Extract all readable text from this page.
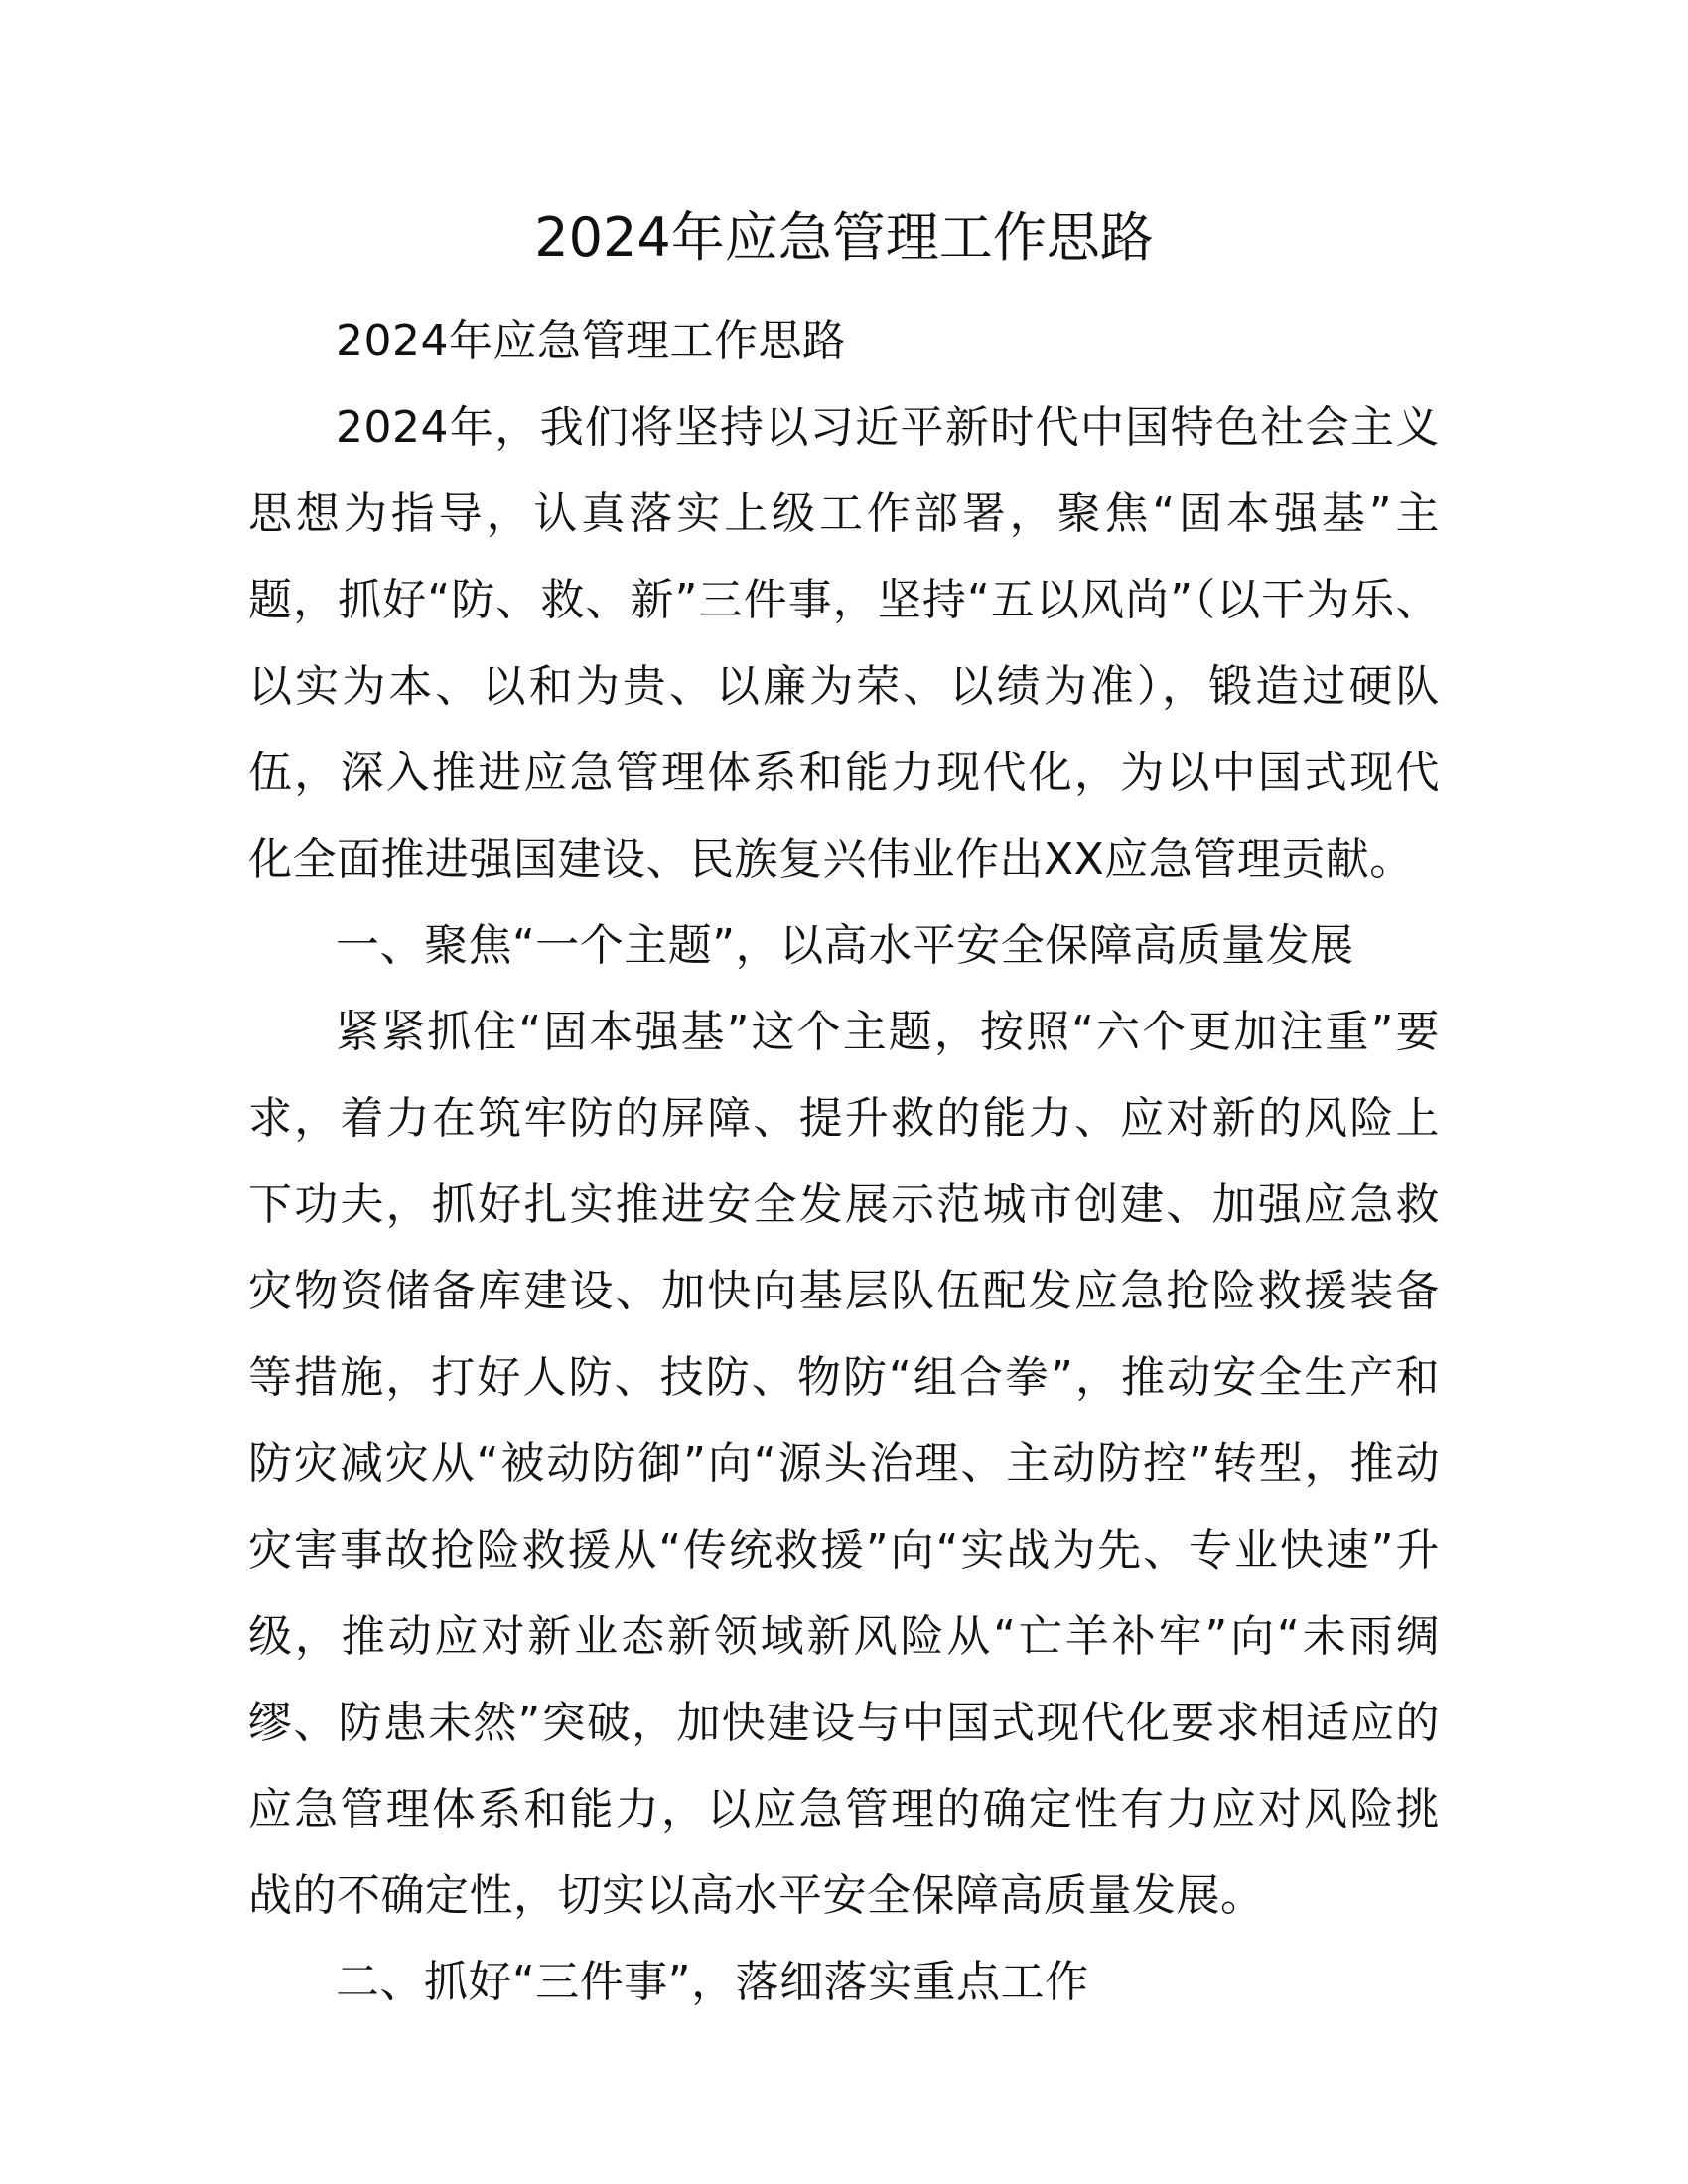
2024年应急管理工作思路

2024年应急管理工作思路

2024年，我们将坚持以习近平新时代中国特色社会主义思想为指导，认真落实上级工作部署，聚焦“固本强基”主题，抓好“防、救、新”三件事，坚持“五以风尚”（以干为乐、以实为本、以和为贵、以廉为荣、以绩为准），锻造过硬队伍，深入推进应急管理体系和能力现代化，为以中国式现代化全面推进强国建设、民族复兴伟业作出XX应急管理贡献。

一、聚焦“一个主题”，以高水平安全保障高质量发展

紧紧抓住“固本强基”这个主题，按照“六个更加注重”要求，着力在筑牢防的屏障、提升救的能力、应对新的风险上下功夫，抓好扎实推进安全发展示范城市创建、加强应急救灾物资储备库建设、加快向基层队伍配发应急抢险救援装备等措施，打好人防、技防、物防“组合拳”，推动安全生产和防灾减灾从“被动防御”向“源头治理、主动防控”转型，推动灾害事故抢险救援从“传统救援”向“实战为先、专业快速”升级，推动应对新业态新领域新风险从“亡羊补牢”向“未雨绸缪、防患未然”突破，加快建设与中国式现代化要求相适应的应急管理体系和能力，以应急管理的确定性有力应对风险挑战的不确定性，切实以高水平安全保障高质量发展。

二、抓好“三件事”，落细落实重点工作
